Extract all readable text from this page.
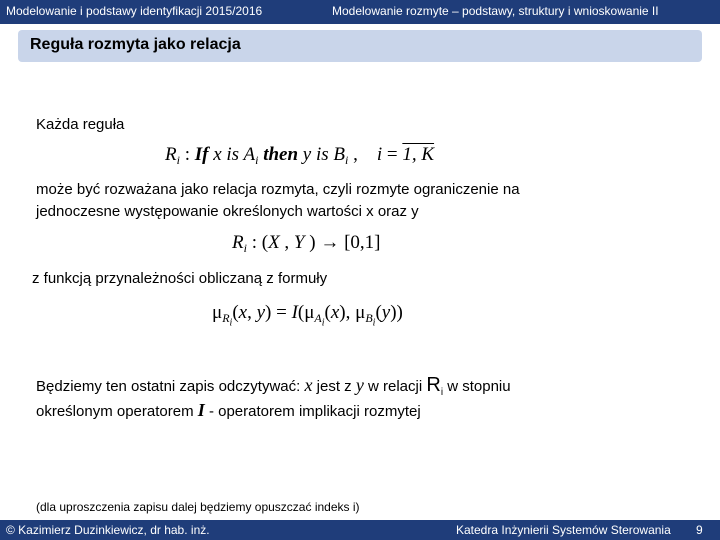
Modelowanie i podstawy identyfikacji 2015/2016	Modelowanie rozmyte – podstawy, struktury i wnioskowanie II
Reguła rozmyta jako relacja
Każda reguła
$R_i$ : If x is $A_i$ then y is $B_i$ ,    i = 1, K
może być rozważana jako relacja rozmyta, czyli rozmyte ograniczenie na
jednoczesne występowanie określonych wartości x oraz y
$R_i$ : (X , Y ) → [0,1]
z funkcją przynależności obliczaną z formuły
$\mu_{R_i}(x$, $y) = I(\mu_{A_i}(x)$, $\mu_{B_i}(y)$)
Będziemy ten ostatni zapis odczytywać: x jest z y w relacji $R_i$ w stopniu
określonym operatorem I - operatorem implikacji rozmytej
(dla uproszczenia zapisu dalej będziemy opuszczać indeks i)
© Kazimierz Duzinkiewicz, dr hab. inż.	Katedra Inżynierii Systemów Sterowania 9
